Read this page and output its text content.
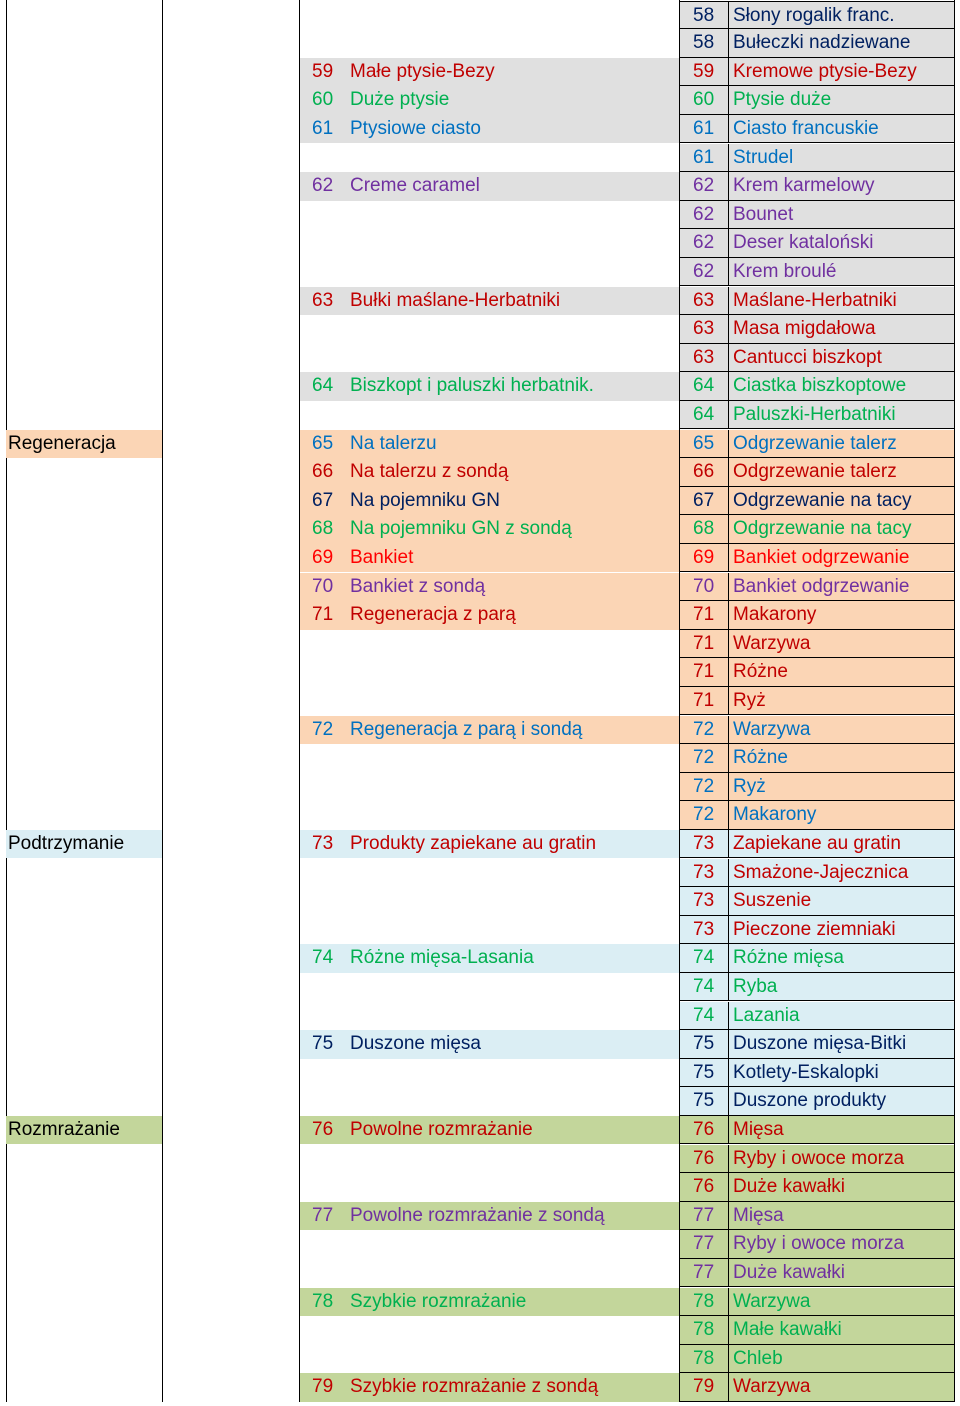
58 Słony rogalik franc.
58 Bułeczki nadziewane
59 Małe ptysie-Bezy	59 Kremowe ptysie-Bezy
60 Duże ptysie	60 Ptysie duże
61 Ptysiowe ciasto	61 Ciasto francuskie
61 Strudel
62 Creme caramel	62 Krem karmelowy
62 Bounet
62 Deser kataloński
62 Krem broulé
63 Bułki maślane-Herbatniki	63 Maślane-Herbatniki
63 Masa migdałowa
63 Cantucci biszkopt
64 Biszkopt i paluszki herbatnik.	64 Ciastka biszkoptowe
64 Paluszki-Herbatniki
Regeneracja	65 Na talerzu	65 Odgrzewanie talerz
66 Na talerzu z sondą	66 Odgrzewanie talerz
67 Na pojemniku GN	67 Odgrzewanie na tacy
68 Na pojemniku GN z sondą	68 Odgrzewanie na tacy
69 Bankiet	69 Bankiet odgrzewanie
70 Bankiet z sondą	70 Bankiet odgrzewanie
71 Regeneracja z parą	71 Makarony
71 Warzywa
71 Różne
71 Ryż
72 Regeneracja z parą i sondą	72 Warzywa
72 Różne
72 Ryż
72 Makarony
Podtrzymanie	73 Produkty zapiekane au gratin	73 Zapiekane au gratin
73 Smażone-Jajecznica
73 Suszenie
73 Pieczone ziemniaki
74 Różne mięsa-Lasania	74 Różne mięsa
74 Ryba
74 Lazania
75 Duszone mięsa	75 Duszone mięsa-Bitki
75 Kotlety-Eskalopki
75 Duszone produkty
Rozmrażanie	76 Powolne rozmrażanie	76 Mięsa
76 Ryby i owoce morza
76 Duże kawałki
77 Powolne rozmrażanie z sondą	77 Mięsa
77 Ryby i owoce morza
77 Duże kawałki
78 Szybkie rozmrażanie	78 Warzywa
78 Małe kawałki
78 Chleb
79 Szybkie rozmrażanie z sondą	79 Warzywa
